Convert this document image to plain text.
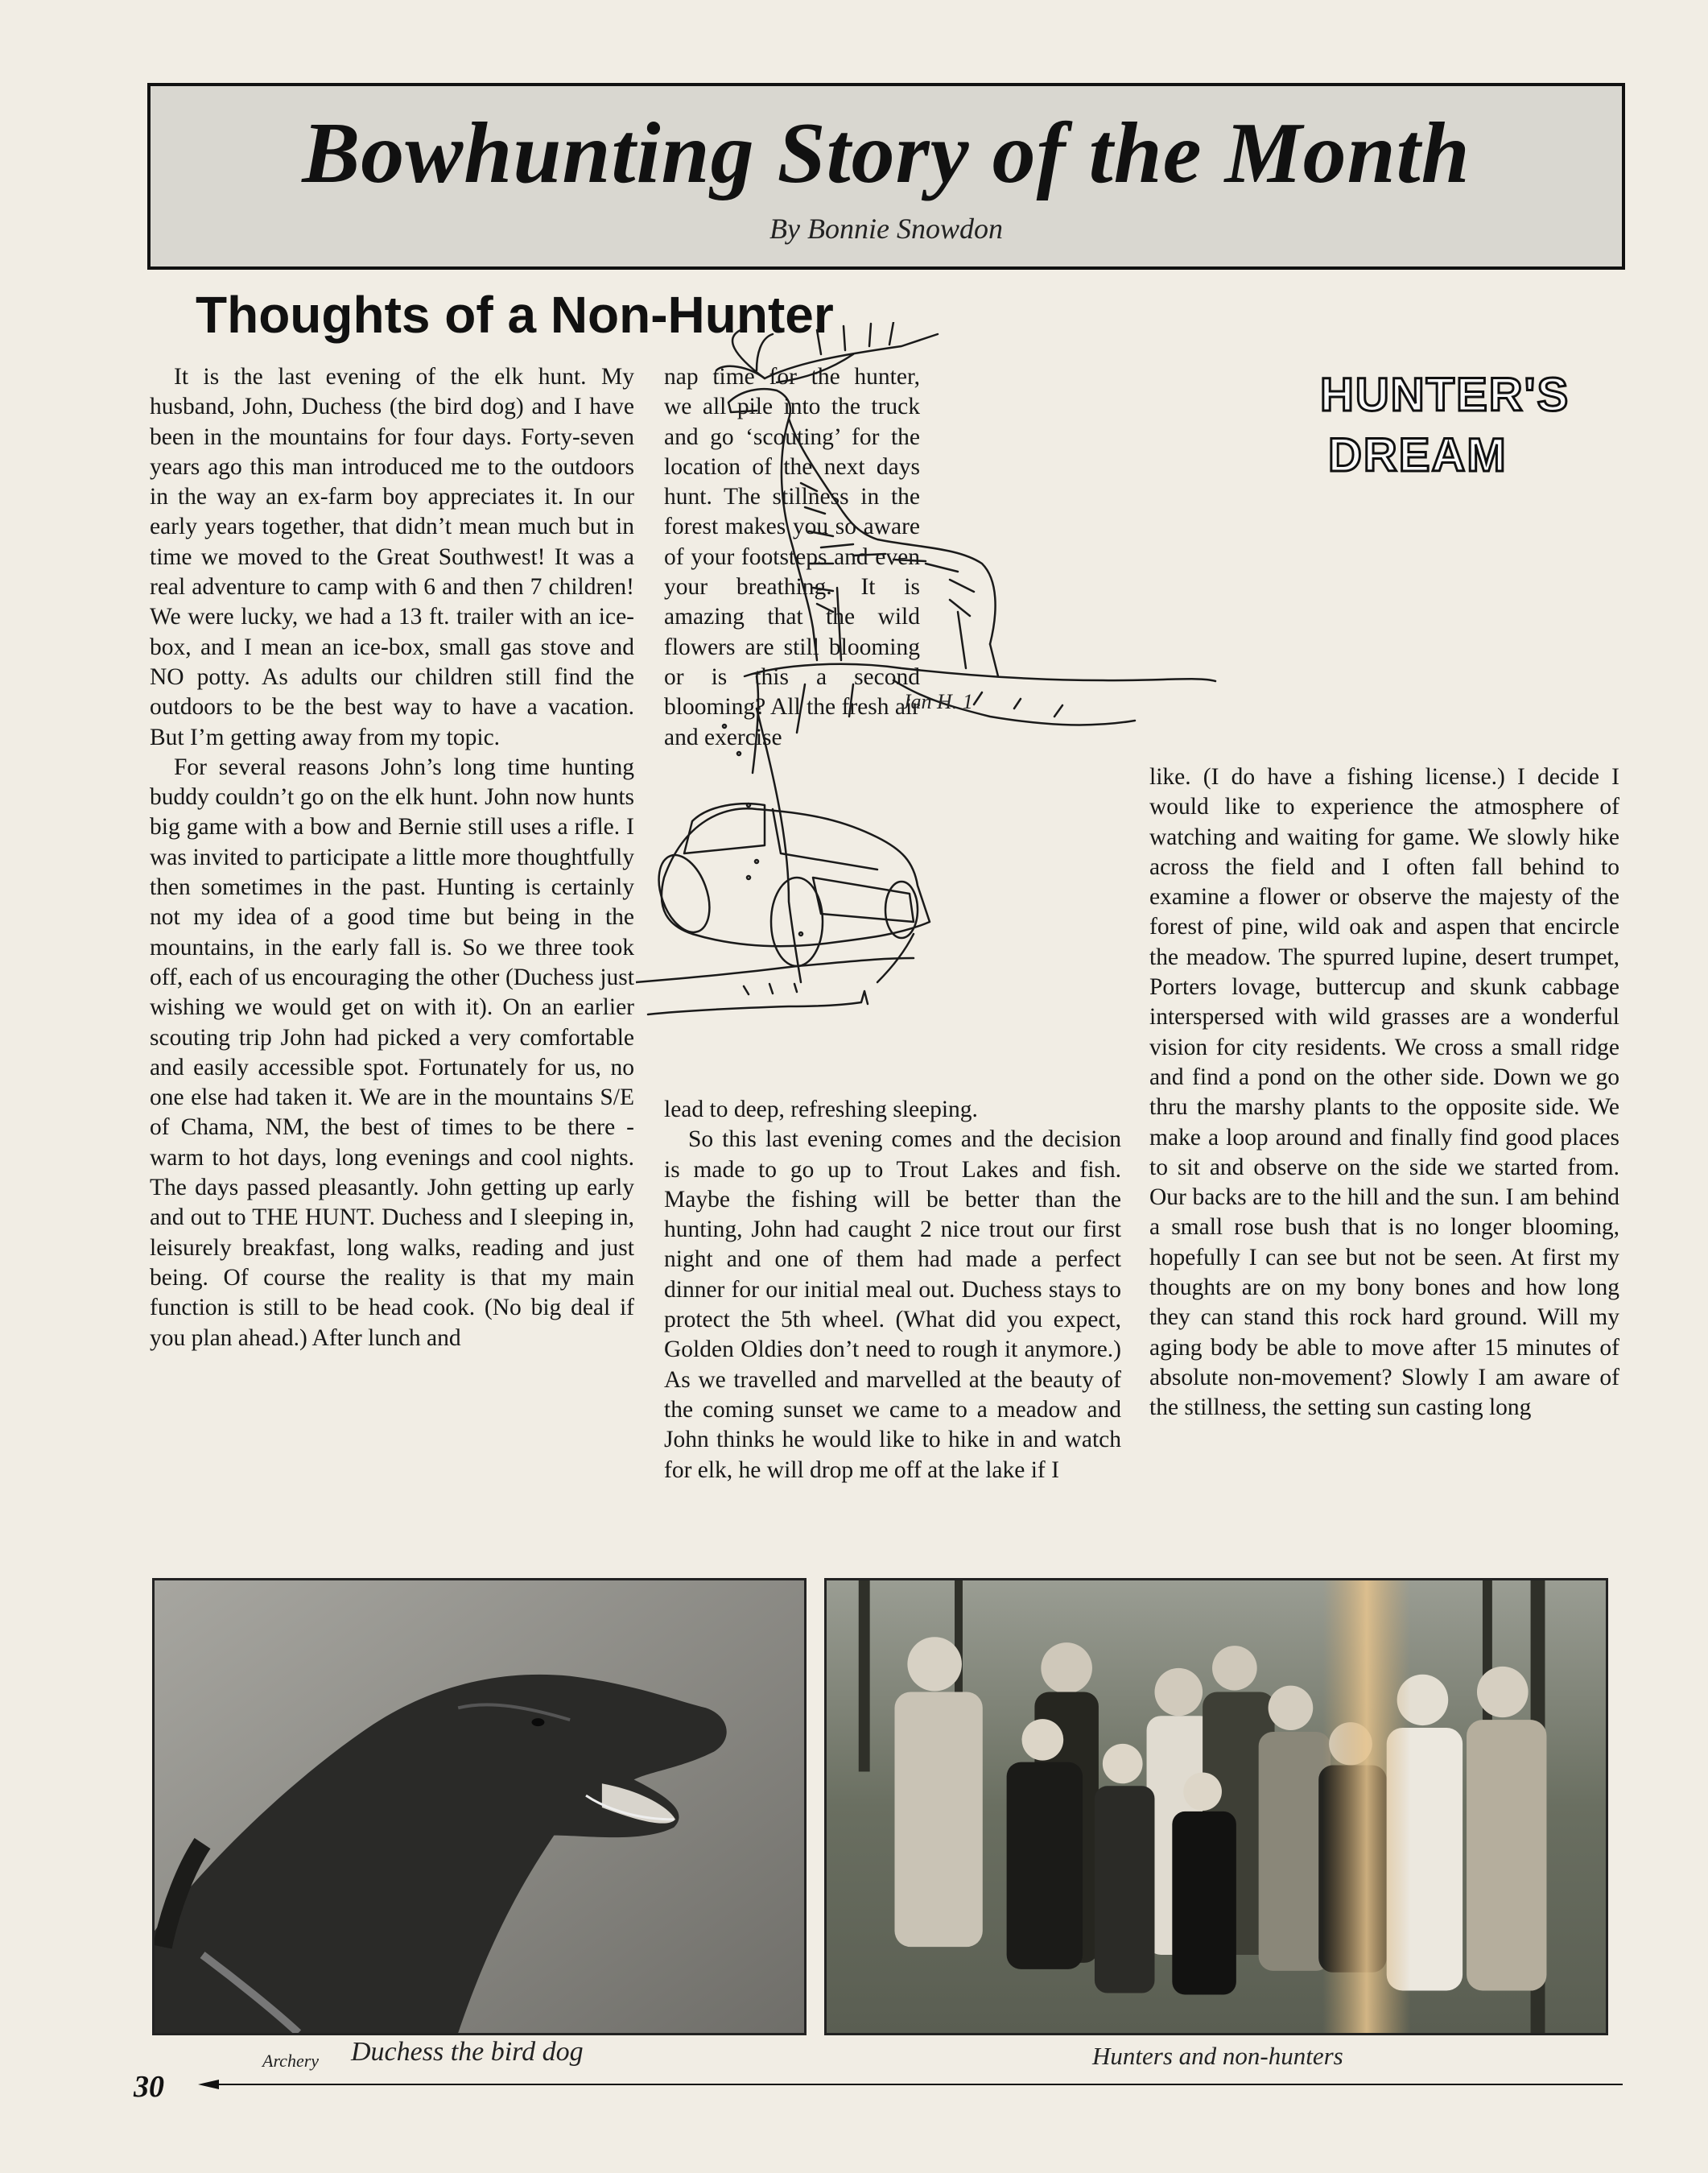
Bowhunting Story of the Month
By Bonnie Snowdon
Thoughts of a Non-Hunter

It is the last evening of the elk hunt. My husband, John, Duchess (the bird dog) and I have been in the mountains for four days. Forty-seven years ago this man introduced me to the outdoors in the way an ex-farm boy appreciates it. In our early years together, that didn’t mean much but in time we moved to the Great Southwest! It was a real adventure to camp with 6 and then 7 children! We were lucky, we had a 13 ft. trailer with an ice-box, and I mean an ice-box, small gas stove and NO potty. As adults our children still find the outdoors to be the best way to have a vacation. But I’m getting away from my topic.

For several reasons John’s long time hunting buddy couldn’t go on the elk hunt. John now hunts big game with a bow and Bernie still uses a rifle. I was invited to participate a little more thoughtfully then sometimes in the past. Hunting is certainly not my idea of a good time but being in the mountains, in the early fall is. So we three took off, each of us encouraging the other (Duchess just wishing we would get on with it). On an earlier scouting trip John had picked a very comfortable and easily accessible spot. Fortunately for us, no one else had taken it. We are in the mountains S/E of Chama, NM, the best of times to be there - warm to hot days, long evenings and cool nights. The days passed pleasantly. John getting up early and out to THE HUNT. Duchess and I sleeping in, leisurely breakfast, long walks, reading and just being. Of course the reality is that my main function is still to be head cook. (No big deal if you plan ahead.) After lunch and

nap time for the hunter, we all pile into the truck and go ‘scouting’ for the location of the next days hunt. The stillness in the forest makes you so aware of your footsteps and even your breathing. It is amazing that the wild flowers are still blooming or is this a second blooming? All the fresh air and exercise

lead to deep, refreshing sleeping.

So this last evening comes and the decision is made to go up to Trout Lakes and fish. Maybe the fishing will be better than the hunting, John had caught 2 nice trout our first night and one of them had made a perfect dinner for our initial meal out. Duchess stays to protect the 5th wheel. (What did you expect, Golden Oldies don’t need to rough it anymore.) As we travelled and marvelled at the beauty of the coming sunset we came to a meadow and John thinks he would like to hike in and watch for elk, he will drop me off at the lake if I

like. (I do have a fishing license.) I decide I would like to experience the atmosphere of watching and waiting for game. We slowly hike across the field and I often fall behind to examine a flower or observe the majesty of the forest of pine, wild oak and aspen that encircle the meadow. The spurred lupine, desert trumpet, Porters lovage, buttercup and skunk cabbage interspersed with wild grasses are a wonderful vision for city residents. We cross a small ridge and find a pond on the other side. Down we go thru the marshy plants to the opposite side. We make a loop around and finally find good places to sit and observe on the side we started from. Our backs are to the hill and the sun. I am behind a small rose bush that is no longer blooming, hopefully I can see but not be seen. At first my thoughts are on my bony bones and how long they can stand this rock hard ground. Will my aging body be able to move after 15 minutes of absolute non-movement? Slowly I am aware of the stillness, the setting sun casting long

Jan H. 1
HUNTER'S
DREAM
Archery Duchess the bird dog	Hunters and non-hunters
30
